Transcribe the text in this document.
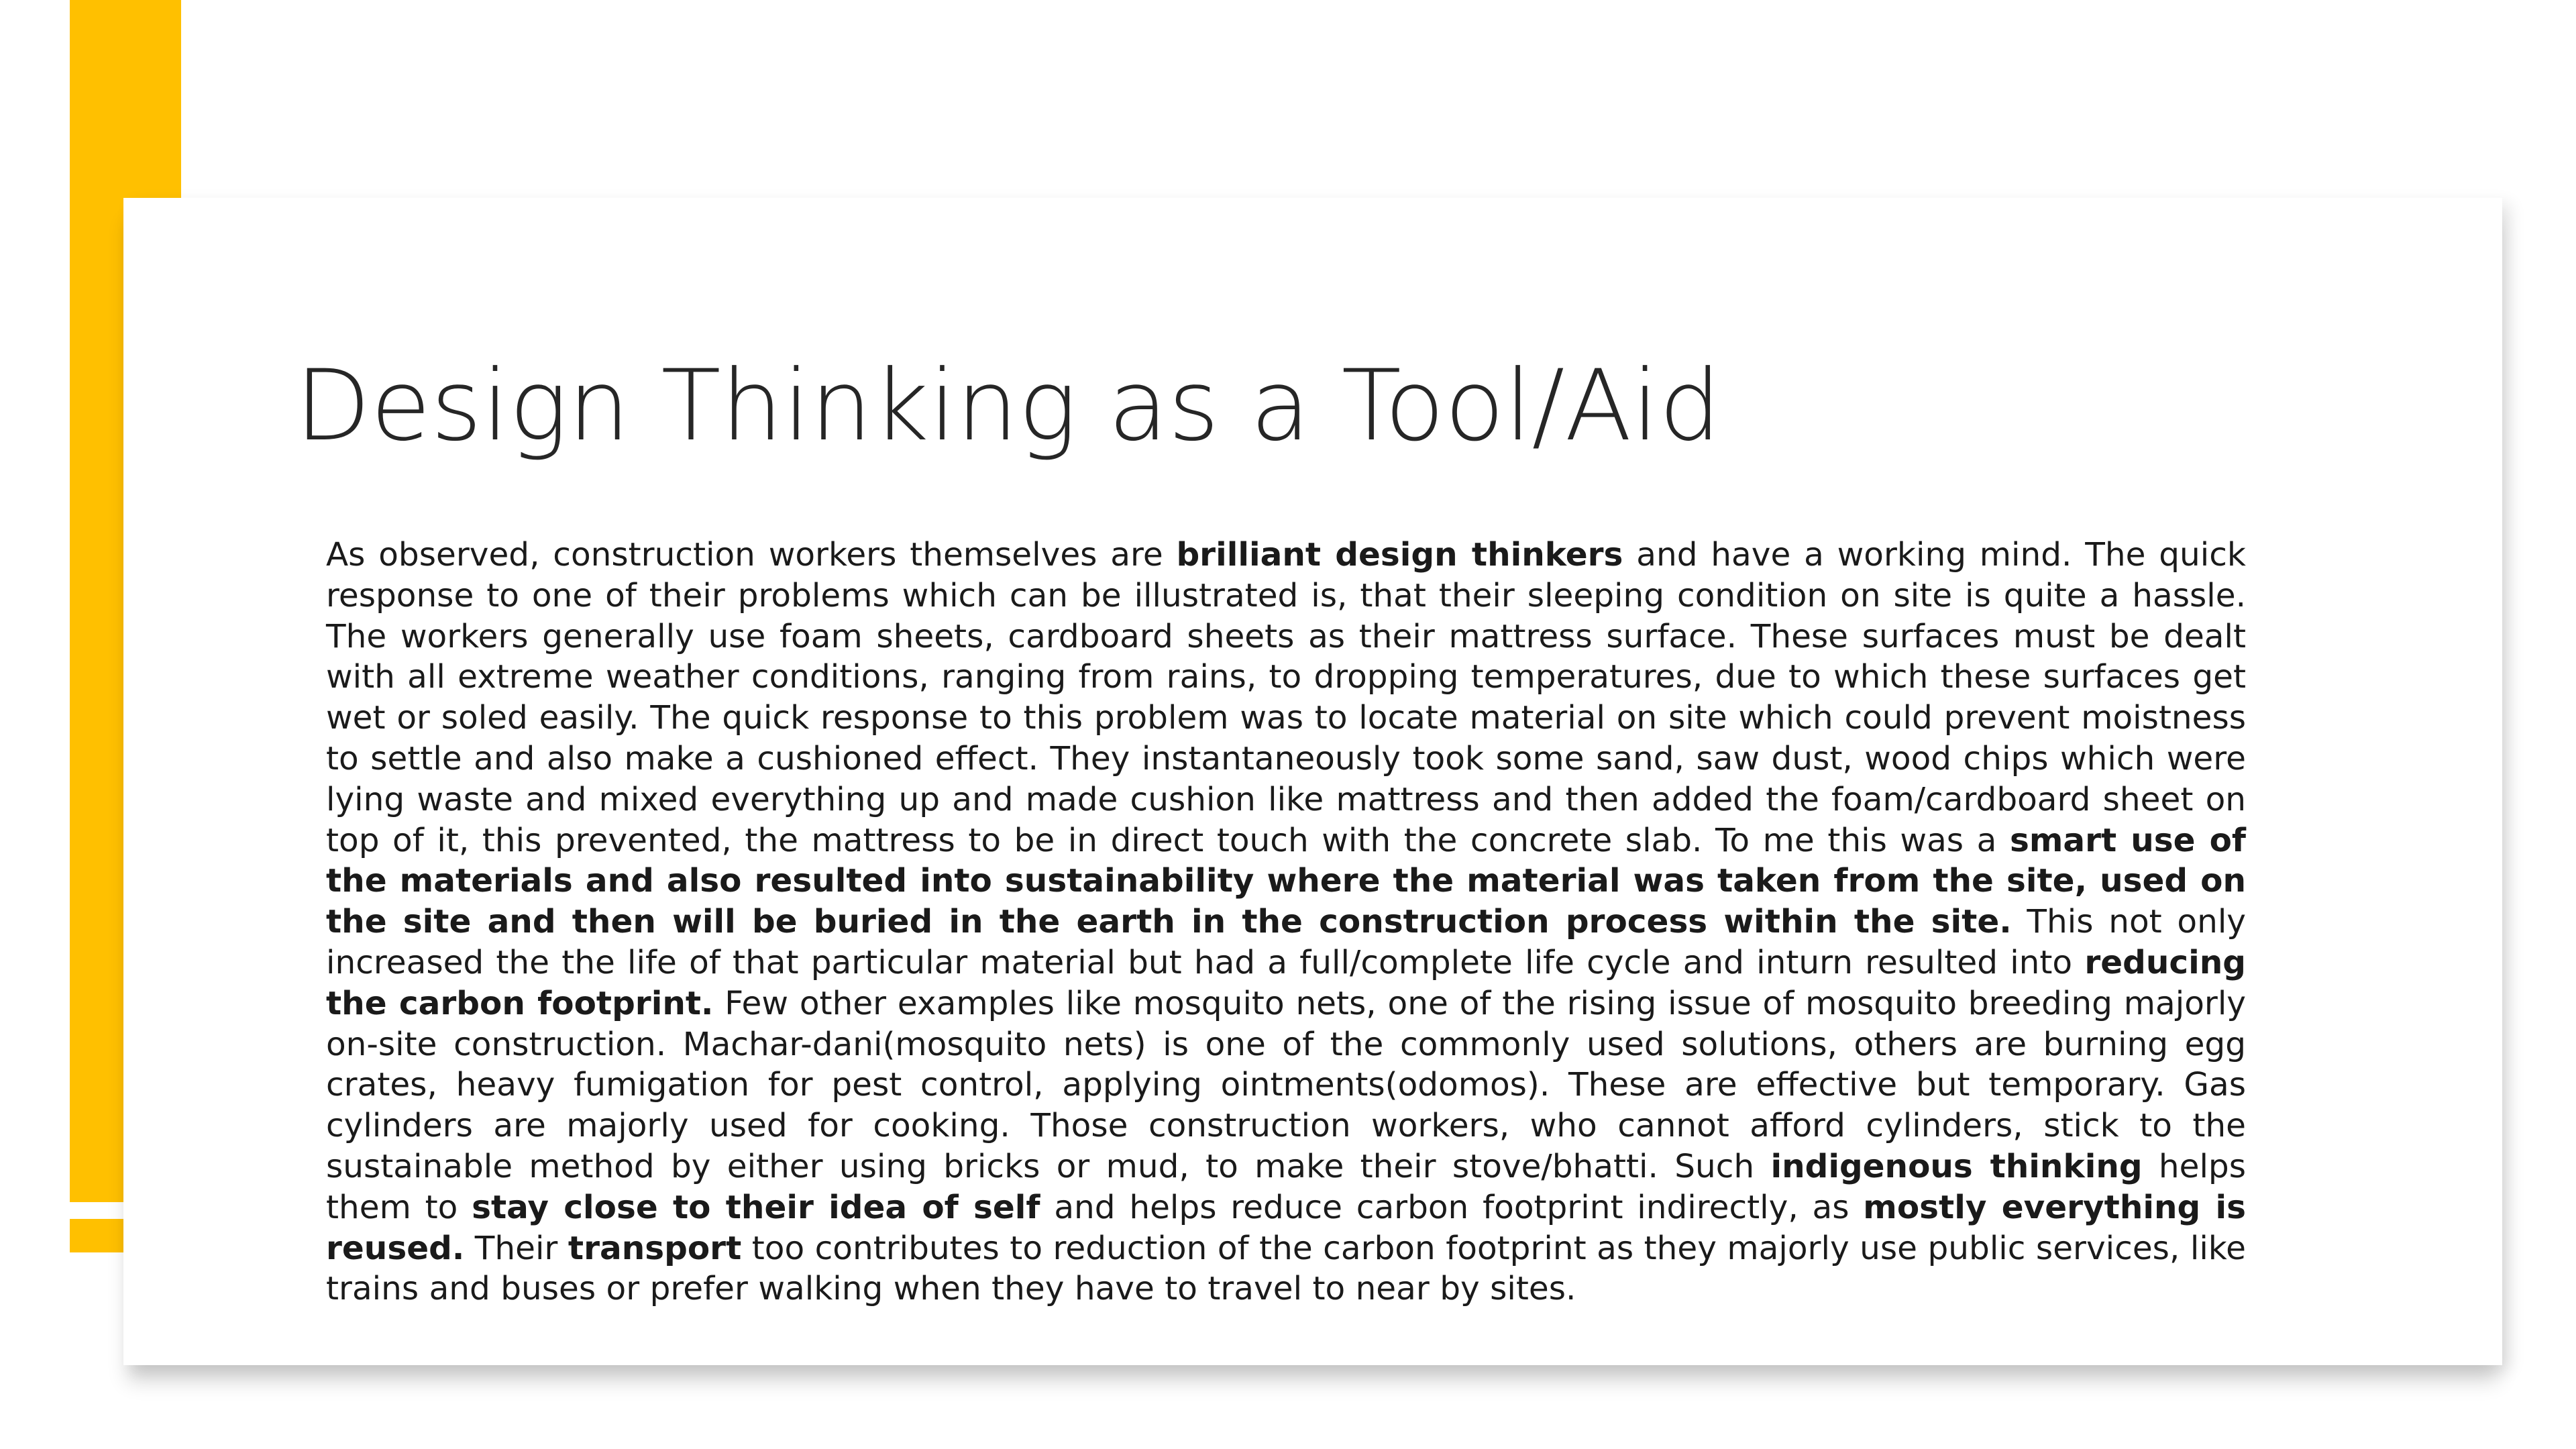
Design Thinking as a Tool/Aid

As observed, construction workers themselves are brilliant design thinkers and have a working mind. The quick response to one of their problems which can be illustrated is, that their sleeping condition on site is quite a hassle. The workers generally use foam sheets, cardboard sheets as their mattress surface. These surfaces must be dealt with all extreme weather conditions, ranging from rains, to dropping temperatures, due to which these surfaces get wet or soled easily. The quick response to this problem was to locate material on site which could prevent moistness to settle and also make a cushioned effect. They instantaneously took some sand, saw dust, wood chips which were lying waste and mixed everything up and made cushion like mattress and then added the foam/cardboard sheet on top of it, this prevented, the mattress to be in direct touch with the concrete slab. To me this was a smart use of the materials and also resulted into sustainability where the material was taken from the site, used on the site and then will be buried in the earth in the construction process within the site. This not only increased the the life of that particular material but had a full/complete life cycle and inturn resulted into reducing the carbon footprint. Few other examples like mosquito nets, one of the rising issue of mosquito breeding majorly on-site construction. Machar-dani(mosquito nets) is one of the commonly used solutions, others are burning egg crates, heavy fumigation for pest control, applying ointments(odomos). These are effective but temporary. Gas cylinders are majorly used for cooking. Those construction workers, who cannot afford cylinders, stick to the sustainable method by either using bricks or mud, to make their stove/bhatti. Such indigenous thinking helps them to stay close to their idea of self and helps reduce carbon footprint indirectly, as mostly everything is reused. Their transport too contributes to reduction of the carbon footprint as they majorly use public services, like trains and buses or prefer walking when they have to travel to near by sites.
